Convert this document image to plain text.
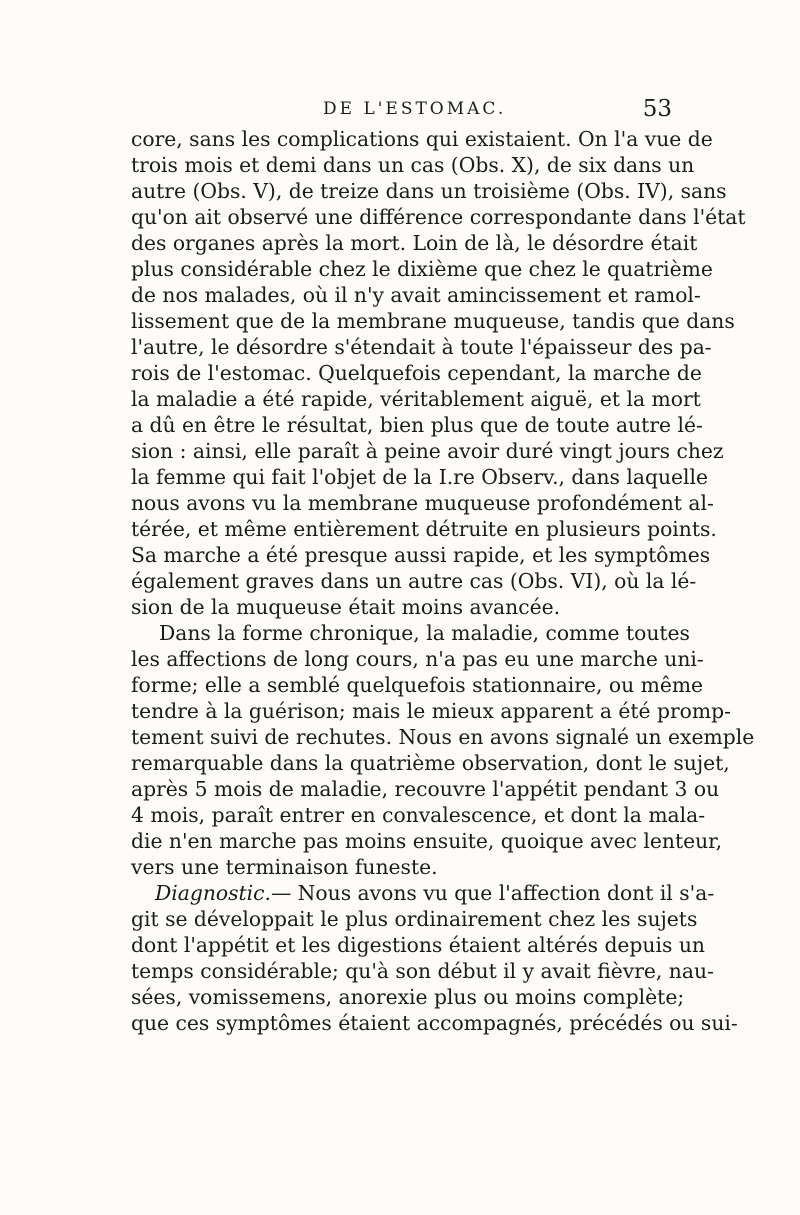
DE L'ESTOMAC.	53
core, sans les complications qui existaient. On l'a vue de
trois mois et demi dans un cas (Obs. X), de six dans un
autre (Obs. V), de treize dans un troisième (Obs. IV), sans
qu'on ait observé une différence correspondante dans l'état
des organes après la mort. Loin de là, le désordre était
plus considérable chez le dixième que chez le quatrième
de nos malades, où il n'y avait amincissement et ramol-
lissement que de la membrane muqueuse, tandis que dans
l'autre, le désordre s'étendait à toute l'épaisseur des pa-
rois de l'estomac. Quelquefois cependant, la marche de
la maladie a été rapide, véritablement aiguë, et la mort
a dû en être le résultat, bien plus que de toute autre lé-
sion : ainsi, elle paraît à peine avoir duré vingt jours chez
la femme qui fait l'objet de la I.re Observ., dans laquelle
nous avons vu la membrane muqueuse profondément al-
térée, et même entièrement détruite en plusieurs points.
Sa marche a été presque aussi rapide, et les symptômes
également graves dans un autre cas (Obs. VI), où la lé-
sion de la muqueuse était moins avancée.
Dans la forme chronique, la maladie, comme toutes
les affections de long cours, n'a pas eu une marche uni-
forme; elle a semblé quelquefois stationnaire, ou même
tendre à la guérison; mais le mieux apparent a été promp-
tement suivi de rechutes. Nous en avons signalé un exemple
remarquable dans la quatrième observation, dont le sujet,
après 5 mois de maladie, recouvre l'appétit pendant 3 ou
4 mois, paraît entrer en convalescence, et dont la mala-
die n'en marche pas moins ensuite, quoique avec lenteur,
vers une terminaison funeste.
Diagnostic.— Nous avons vu que l'affection dont il s'a-
git se développait le plus ordinairement chez les sujets
dont l'appétit et les digestions étaient altérés depuis un
temps considérable; qu'à son début il y avait fièvre, nau-
sées, vomissemens, anorexie plus ou moins complète;
que ces symptômes étaient accompagnés, précédés ou sui-
